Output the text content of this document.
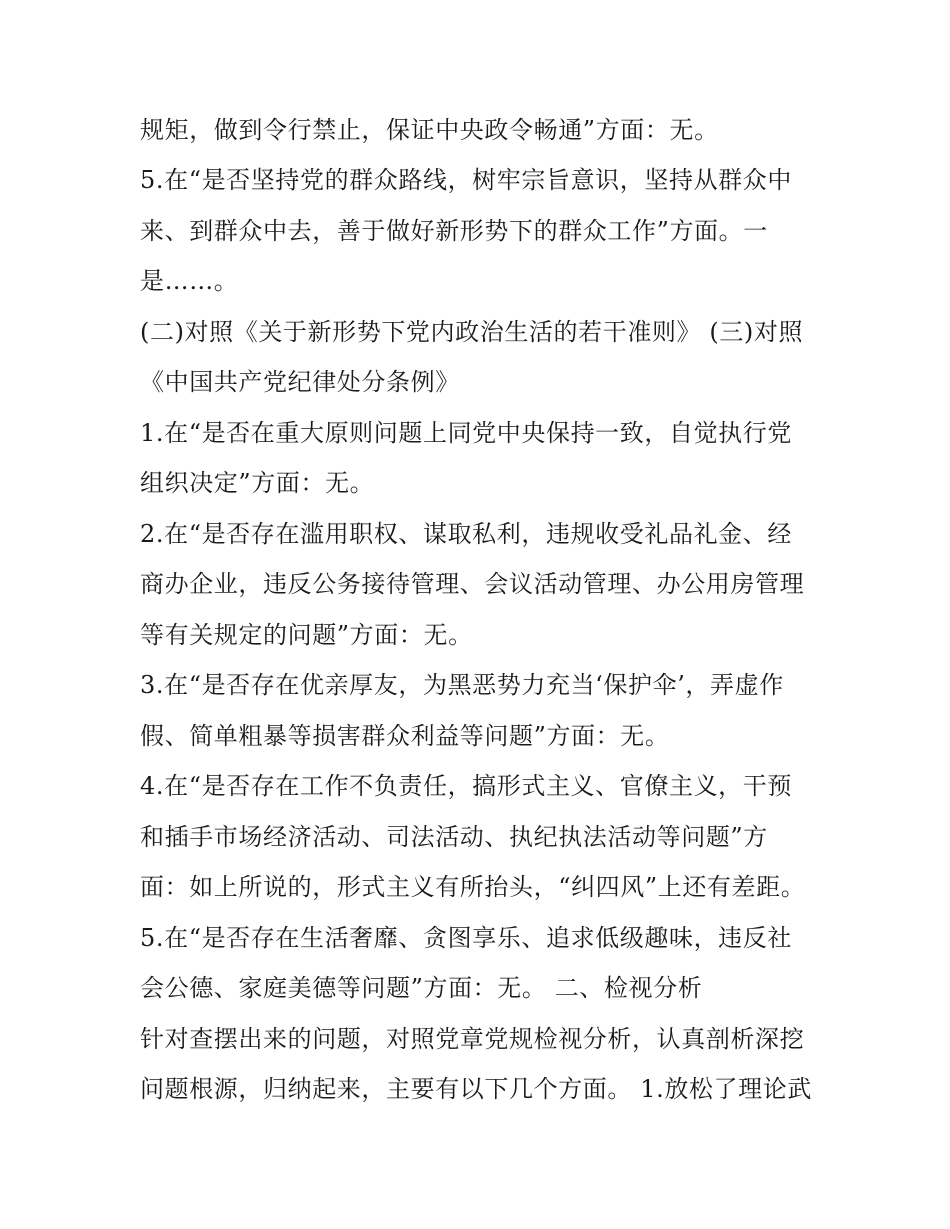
规矩，做到令行禁止，保证中央政令畅通”方面：无。
5.在“是否坚持党的群众路线，树牢宗旨意识，坚持从群众中
来、到群众中去，善于做好新形势下的群众工作”方面。一
是……。
(二)对照《关于新形势下党内政治生活的若干准则》 (三)对照
《中国共产党纪律处分条例》
1.在“是否在重大原则问题上同党中央保持一致，自觉执行党
组织决定”方面：无。
2.在“是否存在滥用职权、谋取私利，违规收受礼品礼金、经
商办企业，违反公务接待管理、会议活动管理、办公用房管理
等有关规定的问题”方面：无。
3.在“是否存在优亲厚友，为黑恶势力充当‘保护伞’，弄虚作
假、简单粗暴等损害群众利益等问题”方面：无。
4.在“是否存在工作不负责任，搞形式主义、官僚主义，干预
和插手市场经济活动、司法活动、执纪执法活动等问题”方
面：如上所说的，形式主义有所抬头，“纠四风”上还有差距。
5.在“是否存在生活奢靡、贪图享乐、追求低级趣味，违反社
会公德、家庭美德等问题”方面：无。 二、检视分析
针对查摆出来的问题，对照党章党规检视分析，认真剖析深挖
问题根源，归纳起来，主要有以下几个方面。 1.放松了理论武
